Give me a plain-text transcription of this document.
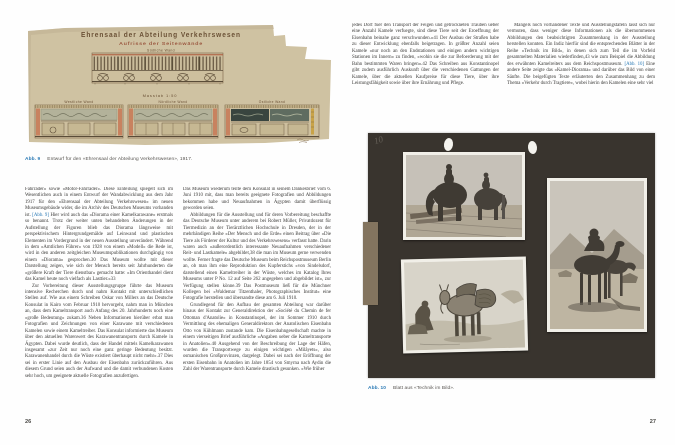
Ehrensaal der Abteilung Verkehrswesen
Aufrisse der Seitenwände
Südliche Wand
Masstab 1:50
Westliche Wand	Nördliche Wand	Östliche Wand
Abb. 9 Entwurf für den «Ehrensaal der Abteilung Verkehrswesen», 1917.

Fahrräder» sowie «Motor-Fahrräder». Diese Einteilung spiegelt sich im Wesentlichen auch in einem Entwurf der Wandabwicklung aus dem Jahr 1917 für den «Ehrensaal der Abteilung Verkehrswesen» im neuen Museumsgebäude wider, die im Archiv des Deutschen Museums vorhanden ist. [Abb. 9] Hier wird auch das «Diorama einer Kamelkarawane» erstmals so benannt. Trotz der weiter unten behandelten Änderungen in der Aufstellung der Figuren blieb das Diorama längsweise mit perspektivischem Hintergrundgemälde auf Leinwand und plastischen Elementen im Vordergrund in der neuen Ausstellung unverändert. Während in dem «Amtlichen Führer» von 1928 von einem «Modell» die Rede ist, wird in den anderen zeitgleichen Museumspublikationen durchgängig von einem «Diorama» gesprochen.30 Das Museum wollte mit dieser Darstellung zeigen, wie sich der Mensch bereits seit Jahrhunderten die «größere Kraft der Tiere dienstbar» gemacht hatte: «Im Orienthandel dient das Kamel heute noch vielfach als Lasttier.»33

Zur Vorbereitung dieser Ausstellungsgruppe führte das Museum intensive Recherchen durch und nahm Kontakt mit unterschiedlichen Stellen auf. Wie aus einem Schreiben Oskar von Millers an das Deutsche Konsulat in Kairo vom Februar 1910 hervorgeht, nahm man in München an, dass dem Kameltransport auch Anfang des 20. Jahrhunderts noch eine «große Bedeutung» zukam.36 Neben Informationen hierüber erbat man Fotografien und Zeichnungen von einer Karawane mit verschiedenen Kamelen sowie einem Kameltreiber. Das Konsulat informierte das Museum über den aktuellen Warenwert des Karawanentransports durch Kamele in Ägypten. Dabei wurde deutlich, dass der Handel mittels Kamelkarawanen insgesamt «zur Zeit nur noch eine ganz geringe Bedeutung besitzt. Karawanenhandel durch die Wüste existiert überhaupt nicht mehr».37 Dies sei in erster Linie auf den Ausbau der Eisenbahn zurückzuführen. Aus diesem Grund seien auch der Aufwand und die damit verbundenen Kosten sehr hoch, um geeignete aktuelle Fotografien anzufertigen.

Das Museum wiederum teilte dem Konsulat in seinem Dankesbrief vom 6. Juni 1910 mit, dass man bereits geeignete Fotografien und Abbildungen bekommen habe und Neuaufnahmen in Ägypten damit überflüssig geworden seien.

Abbildungen für die Ausstellung und für deren Vorbereitung beschaffte das Deutsche Museum unter anderem bei Robert Müller, Privatdozent für Tiermedizin an der Tierärztlichen Hochschule in Dresden, der in der mehrbändigen Reihe «Der Mensch und die Erde» einen Beitrag über «Die Tiere als Förderer der Kultur und des Verkehrswesens» verfasst hatte. Darin waren auch «außerordentlich interessante Neuaufnahmen verschiedener Reit- und Lastkamele» abgebildet,38 die man im Museum gerne verwenden wollte. Ferner fragte das Deutsche Museum beim Reichspostmuseum Berlin an, ob man ihm eine Reproduktion des Kupferstichs «von Sindelsdorf, darstellend einen Kameltreiber in der Wüste, welches im Katalog Ihres Museums unter P No. 12 auf Seite 262 angegeben und abgebildet ist», zur Verfügung stellen könne.39 Das Postmuseum ließ für die Münchner Kollegen bei «Waldemar Titzenthaler, Photographisches Institut» eine Fotografie herstellen und übersandte diese am 6. Juli 1910.

Grundlegend für den Aufbau der gesamten Abteilung war darüber hinaus der Kontakt zur Generaldirektion der «Société du Chemin de fer Ottoman d'Anatolie» in Konstantinopel, der im Sommer 1910 durch Vermittlung des ehemaligen Generaldirektors der Anatolischen Eisenbahn Otto von Kühlmann zustande kam. Die Eisenbahngesellschaft machte in einem vierseitigen Brief ausführliche «Angaben ueber die Kameltransporte in Anatolien».40 Ausgehend von der Beschreibung der Lage der Häfen, wurden die Transportwege zu einigen wichtigen «Milâyets», also osmanischen Großprovinzen, dargelegt. Dabei sei nach der Eröffnung der ersten Eisenbahn in Anatolien im Jahre 1854 von Smyrna nach Aydin die Zahl der Warentransporte durch Kamele drastisch gesunken. «Wie früher

26

jedes Dorf fuer den Transport der Feigen und getrockneten Trauben ueber eine Anzahl Kamele verfuegte, sind diese Tiere seit der Eroeffnung der Eisenbahn beinahe ganz verschwunden.»41 Der Ausbau der Straßen habe zu dieser Entwicklung ebenfalls beigetragen. In größter Anzahl seien Kamele «nur noch an den Endstationen und einigen andern wichtigen Stationen im Innern» zu finden, «wohin sie die zur Befoerderung mit der Bahn bestimmten Waren bringen».42 Das Schreiben aus Konstantinopel gibt zudem ausführlich Auskunft über die verschiedenen Gattungen der Kamele, über die aktuellen Kaufpreise für diese Tiere, über ihre Leistungsfähigkeit sowie über ihre Ernährung und Pflege.

Mangels noch vorhandener Texte und Ausstellungstafeln lässt sich nur vermuten, dass weniger diese Informationen als die übernommenen Abbildungen den beabsichtigten Zusammenhang in der Ausstellung herstellen konnten. Ein Indiz hierfür sind die entsprechenden Blätter in der Reihe «Technik im Bild», in denen sich zum Teil die im Vorfeld gesammelten Materialien wiederfinden,43 wie zum Beispiel die Abbildung des erwähnten Kamelreiters aus dem Reichspostmuseum. [Abb. 10] Eine andere Seite zeigte das «Kamel-Diorama» und darüber das Bild von einer Sänfte. Die beigefügten Texte erläuterten den Zusammenhang zu dem Thema «Verkehr durch Tragtiere», wobei hierin den Kamelen eine sehr viel

10
Abb. 10 Blatt aus «Technik im Bild».
27
